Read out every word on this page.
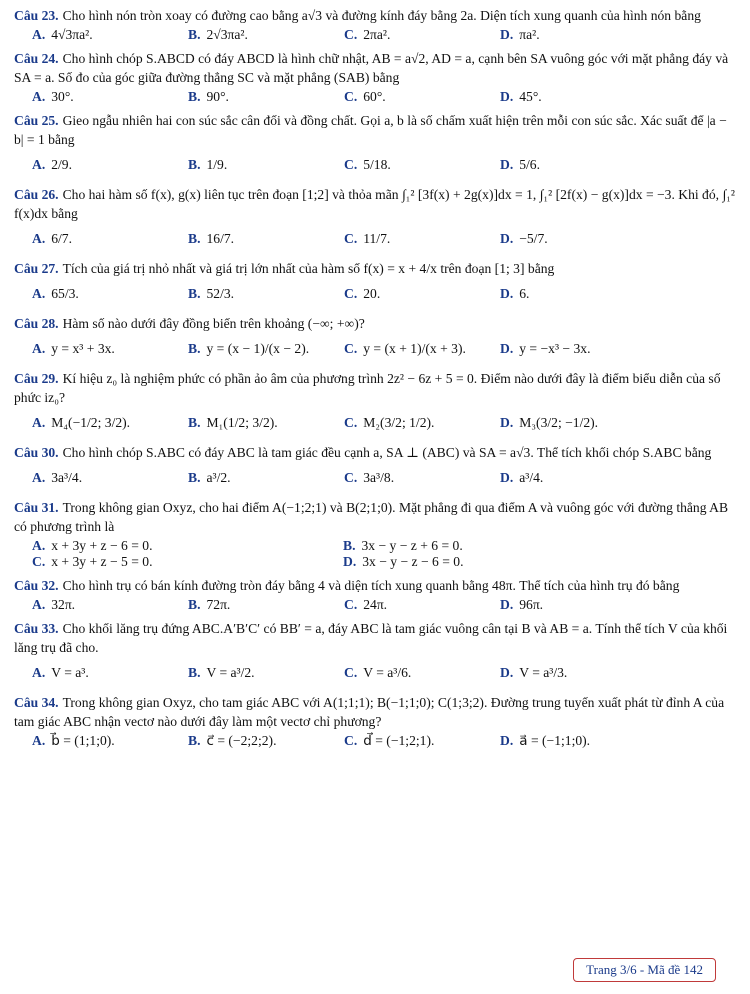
Câu 23. Cho hình nón tròn xoay có đường cao bằng a√3 và đường kính đáy bằng 2a. Diện tích xung quanh của hình nón bằng

A. 4√3πa².	B. 2√3πa².	C. 2πa².	D. πa².

Câu 24. Cho hình chóp S.ABCD có đáy ABCD là hình chữ nhật, AB = a√2, AD = a, cạnh bên SA vuông góc với mặt phẳng đáy và SA = a. Số đo của góc giữa đường thẳng SC và mặt phẳng (SAB) bằng

A. 30°.	B. 90°.	C. 60°.	D. 45°.

Câu 25. Gieo ngẫu nhiên hai con súc sắc cân đối và đồng chất. Gọi a, b là số chấm xuất hiện trên mỗi con súc sắc. Xác suất để |a − b| = 1 bằng

A. 2/9.	B. 1/9.	C. 5/18.	D. 5/6.

Câu 26. Cho hai hàm số f(x), g(x) liên tục trên đoạn [1;2] và thỏa mãn ∫₁² [3f(x) + 2g(x)]dx = 1, ∫₁² [2f(x) − g(x)]dx = −3. Khi đó, ∫₁² f(x)dx bằng

A. 6/7.	B. 16/7.	C. 11/7.	D. −5/7.

Câu 27. Tích của giá trị nhỏ nhất và giá trị lớn nhất của hàm số f(x) = x + 4/x trên đoạn [1; 3] bằng

A. 65/3.	B. 52/3.	C. 20.	D. 6.

Câu 28. Hàm số nào dưới đây đồng biến trên khoảng (−∞; +∞)?

A. y = x³ + 3x.	B. y = (x − 1)/(x − 2).	C. y = (x + 1)/(x + 3).	D. y = −x³ − 3x.

Câu 29. Kí hiệu z₀ là nghiệm phức có phần ảo âm của phương trình 2z² − 6z + 5 = 0. Điểm nào dưới đây là điểm biểu diễn của số phức iz₀?

A. M₄(−1/2; 3/2).	B. M₁(1/2; 3/2).	C. M₂(3/2; 1/2).	D. M₃(3/2; −1/2).

Câu 30. Cho hình chóp S.ABC có đáy ABC là tam giác đều cạnh a, SA ⊥ (ABC) và SA = a√3. Thể tích khối chóp S.ABC bằng

A. 3a³/4.	B. a³/2.	C. 3a³/8.	D. a³/4.

Câu 31. Trong không gian Oxyz, cho hai điểm A(−1;2;1) và B(2;1;0). Mặt phẳng đi qua điểm A và vuông góc với đường thẳng AB có phương trình là

A. x + 3y + z − 6 = 0.	B. 3x − y − z + 6 = 0.
C. x + 3y + z − 5 = 0.	D. 3x − y − z − 6 = 0.

Câu 32. Cho hình trụ có bán kính đường tròn đáy bằng 4 và diện tích xung quanh bằng 48π. Thể tích của hình trụ đó bằng

A. 32π.	B. 72π.	C. 24π.	D. 96π.

Câu 33. Cho khối lăng trụ đứng ABC.A′B′C′ có BB′ = a, đáy ABC là tam giác vuông cân tại B và AB = a. Tính thể tích V của khối lăng trụ đã cho.

A. V = a³.	B. V = a³/2.	C. V = a³/6.	D. V = a³/3.

Câu 34. Trong không gian Oxyz, cho tam giác ABC với A(1;1;1); B(−1;1;0); C(1;3;2). Đường trung tuyến xuất phát từ đỉnh A của tam giác ABC nhận vectơ nào dưới đây làm một vectơ chỉ phương?

A. b⃗ = (1;1;0).	B. c⃗ = (−2;2;2).	C. d⃗ = (−1;2;1).	D. a⃗ = (−1;1;0).
Trang 3/6 - Mã đề 142
